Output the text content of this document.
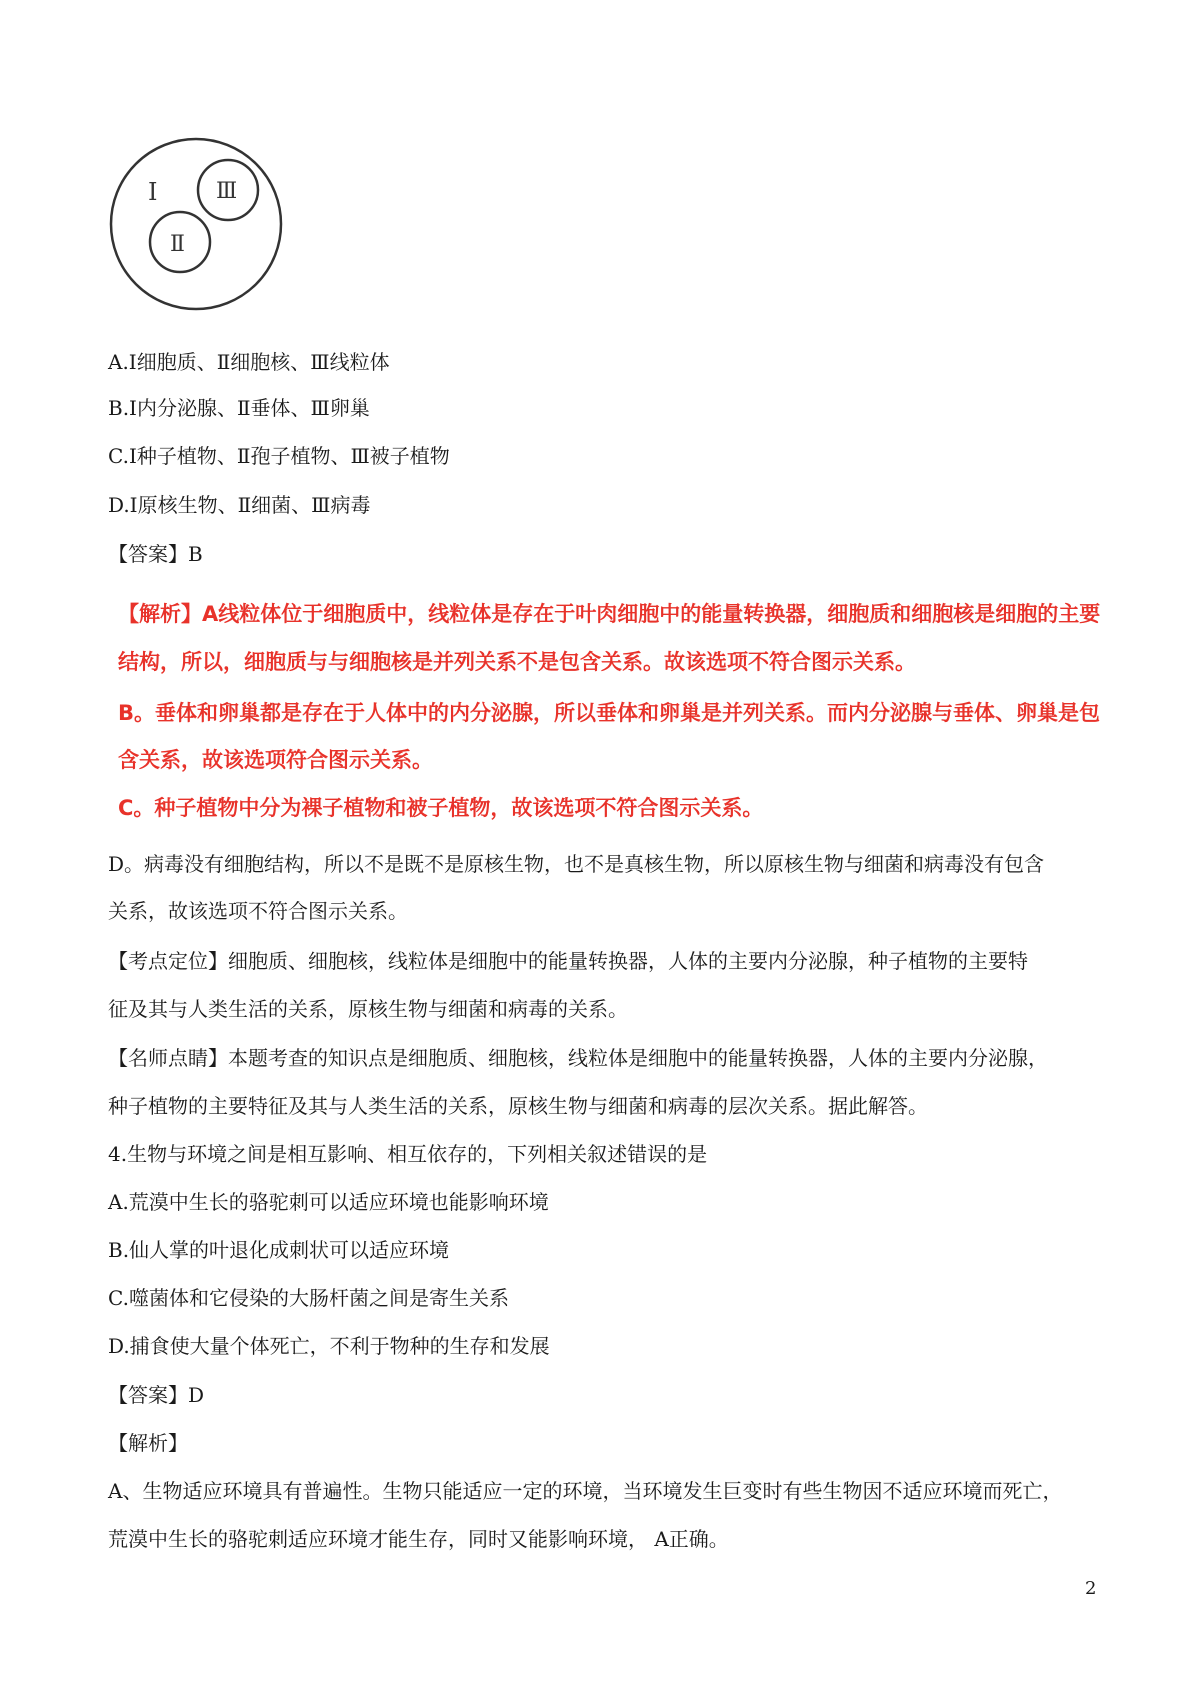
Ⅰ	Ⅲ
Ⅱ
A.Ⅰ细胞质、Ⅱ细胞核、Ⅲ线粒体
B.Ⅰ内分泌腺、Ⅱ垂体、Ⅲ卵巢
C.Ⅰ种子植物、Ⅱ孢子植物、Ⅲ被子植物
D.Ⅰ原核生物、Ⅱ细菌、Ⅲ病毒
【答案】B
【解析】A线粒体位于细胞质中，线粒体是存在于叶肉细胞中的能量转换器，细胞质和细胞核是细胞的主要
结构，所以，细胞质与与细胞核是并列关系不是包含关系。故该选项不符合图示关系。
B。垂体和卵巢都是存在于人体中的内分泌腺，所以垂体和卵巢是并列关系。而内分泌腺与垂体、卵巢是包
含关系，故该选项符合图示关系。
C。种子植物中分为裸子植物和被子植物，故该选项不符合图示关系。
D。病毒没有细胞结构，所以不是既不是原核生物，也不是真核生物，所以原核生物与细菌和病毒没有包含
关系，故该选项不符合图示关系。
【考点定位】细胞质、细胞核，线粒体是细胞中的能量转换器，人体的主要内分泌腺，种子植物的主要特
征及其与人类生活的关系，原核生物与细菌和病毒的关系。
【名师点睛】本题考查的知识点是细胞质、细胞核，线粒体是细胞中的能量转换器，人体的主要内分泌腺，
种子植物的主要特征及其与人类生活的关系，原核生物与细菌和病毒的层次关系。据此解答。
4.生物与环境之间是相互影响、相互依存的，下列相关叙述错误的是
A.荒漠中生长的骆驼刺可以适应环境也能影响环境
B.仙人掌的叶退化成刺状可以适应环境
C.噬菌体和它侵染的大肠杆菌之间是寄生关系
D.捕食使大量个体死亡，不利于物种的生存和发展
【答案】D
【解析】
A、生物适应环境具有普遍性。生物只能适应一定的环境，当环境发生巨变时有些生物因不适应环境而死亡，
荒漠中生长的骆驼刺适应环境才能生存，同时又能影响环境， A正确。
2
